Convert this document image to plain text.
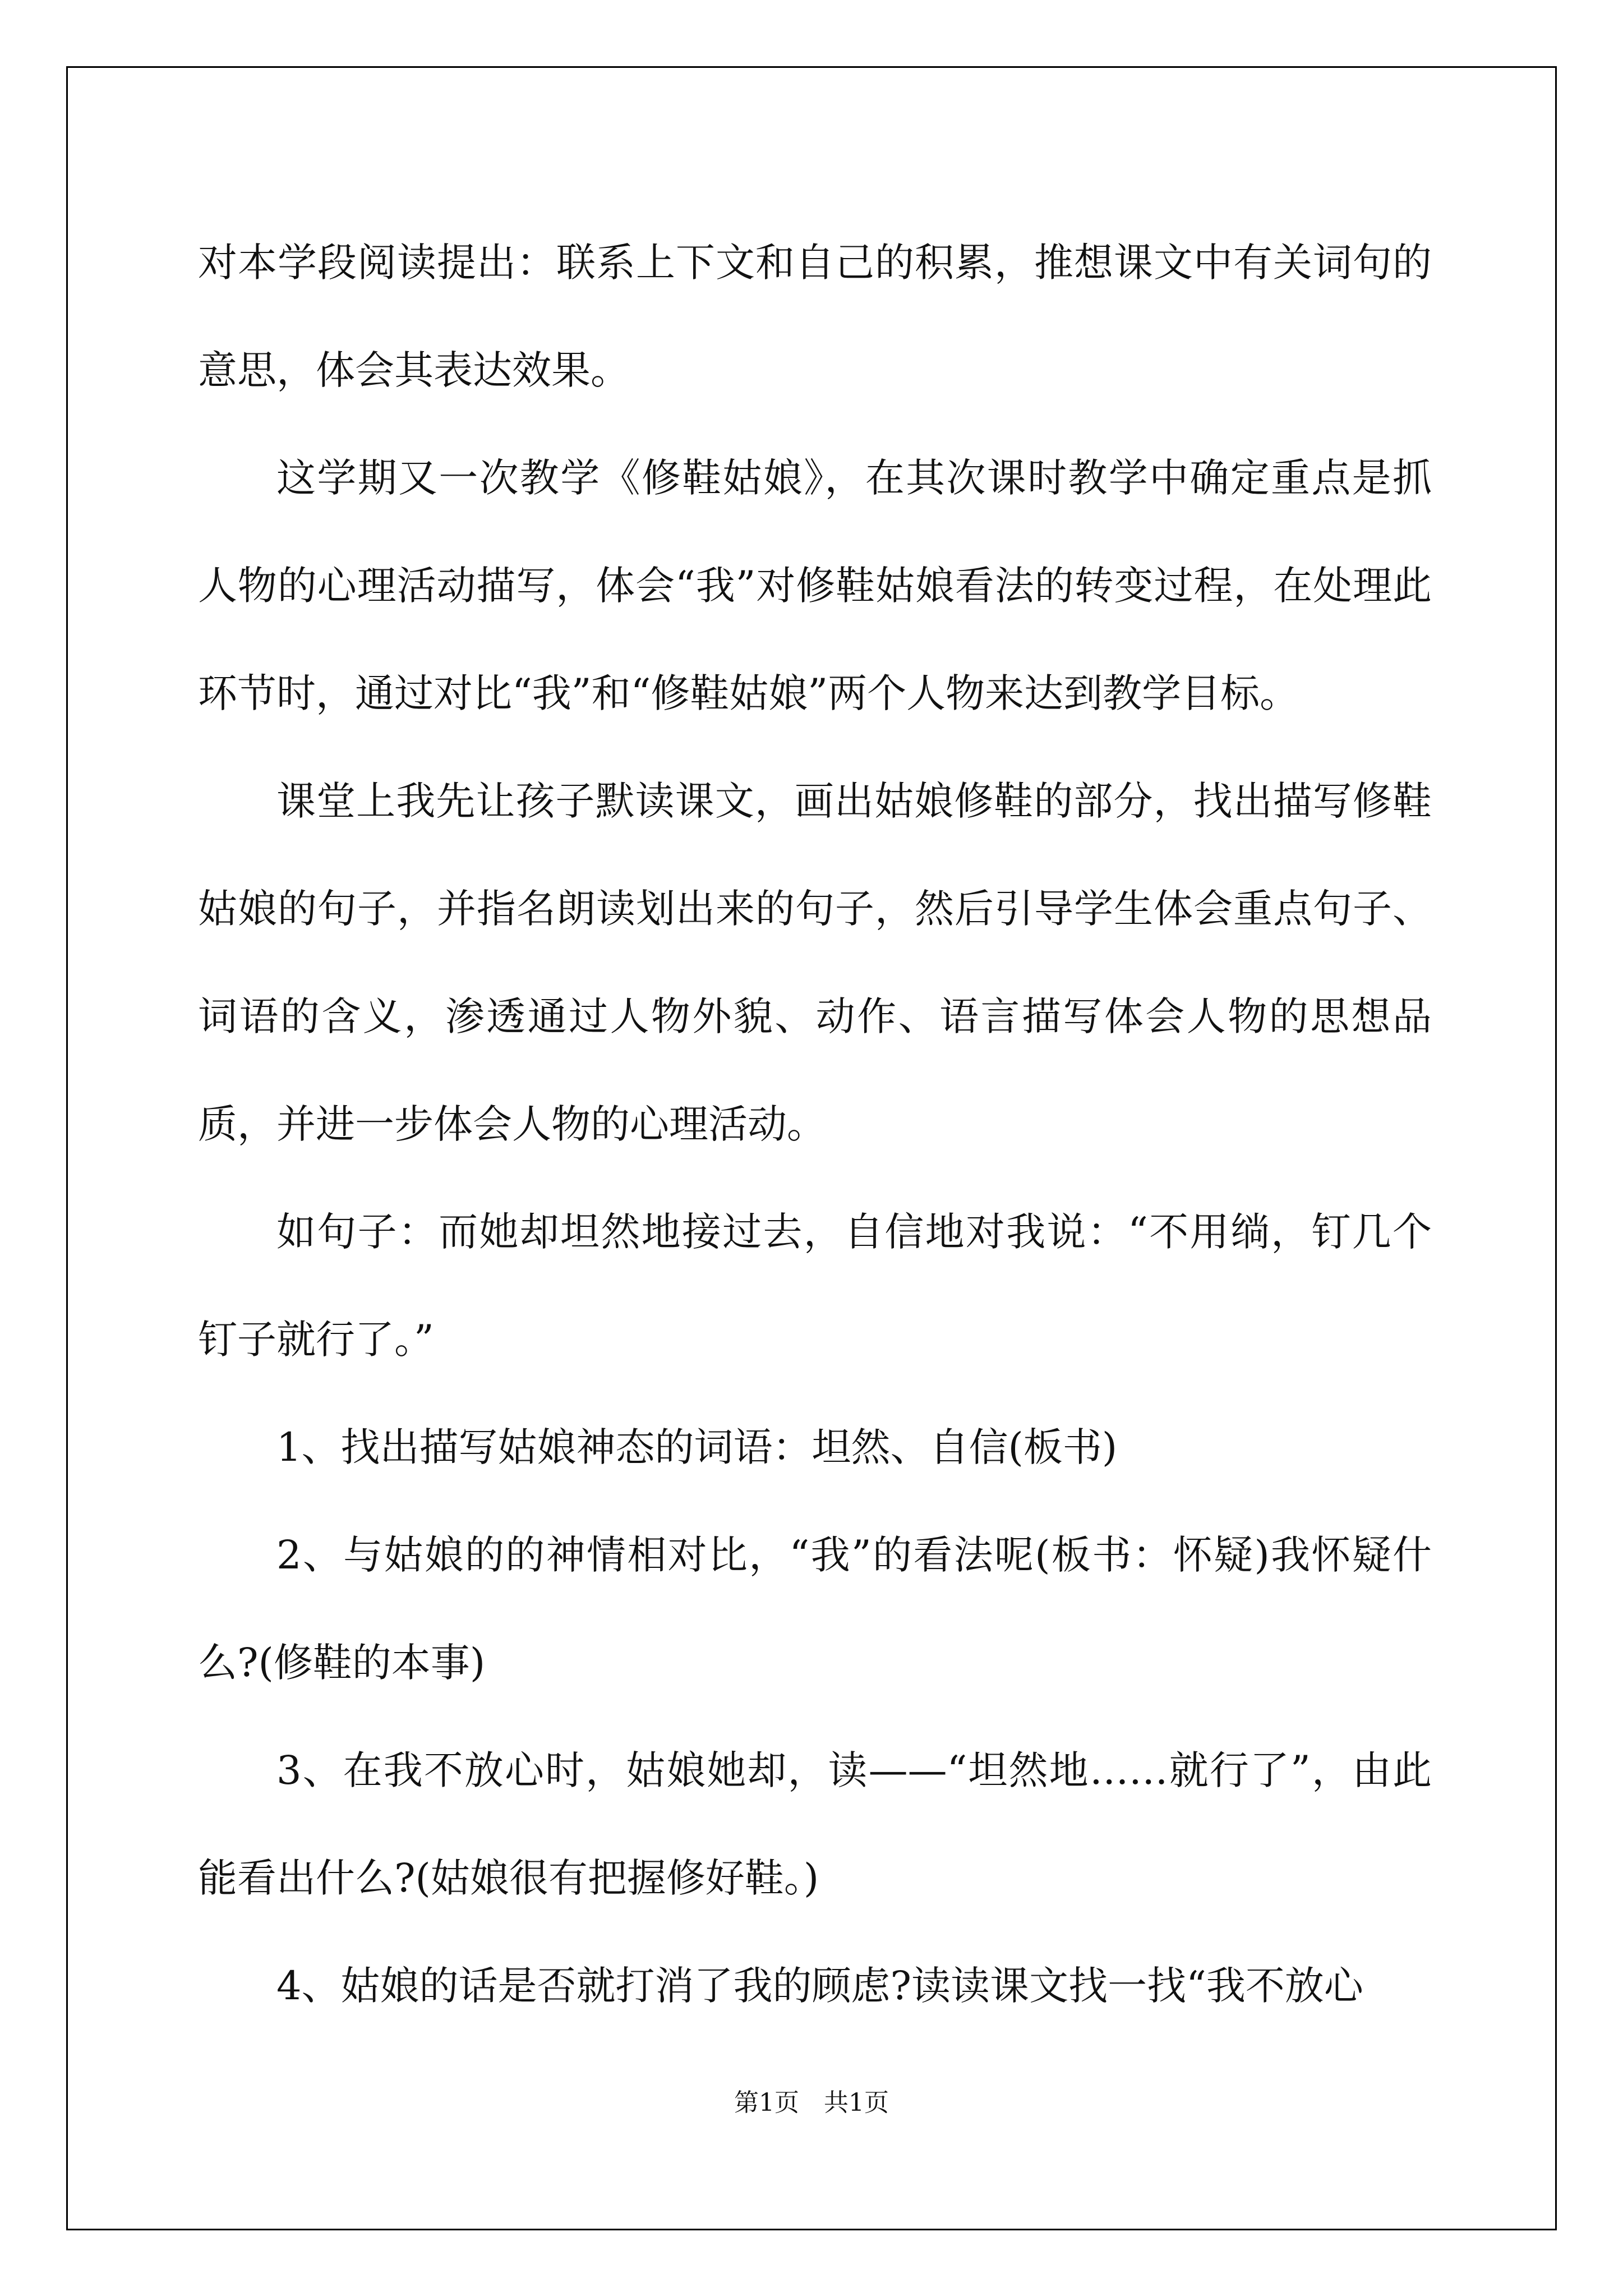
对本学段阅读提出：联系上下文和自己的积累，推想课文中有关词句的意思，体会其表达效果。

这学期又一次教学《修鞋姑娘》，在其次课时教学中确定重点是抓人物的心理活动描写，体会“我”对修鞋姑娘看法的转变过程，在处理此环节时，通过对比“我”和“修鞋姑娘”两个人物来达到教学目标。

课堂上我先让孩子默读课文，画出姑娘修鞋的部分，找出描写修鞋姑娘的句子，并指名朗读划出来的句子，然后引导学生体会重点句子、词语的含义，渗透通过人物外貌、动作、语言描写体会人物的思想品质，并进一步体会人物的心理活动。

如句子：而她却坦然地接过去，自信地对我说：“不用绱，钉几个钉子就行了。”

1、找出描写姑娘神态的词语：坦然、自信(板书)

2、与姑娘的的神情相对比，“我”的看法呢(板书：怀疑)我怀疑什么?(修鞋的本事)

3、在我不放心时，姑娘她却，读——“坦然地……就行了”，由此能看出什么?(姑娘很有把握修好鞋。)

4、姑娘的话是否就打消了我的顾虑?读读课文找一找“我不放心

第1页　共1页
